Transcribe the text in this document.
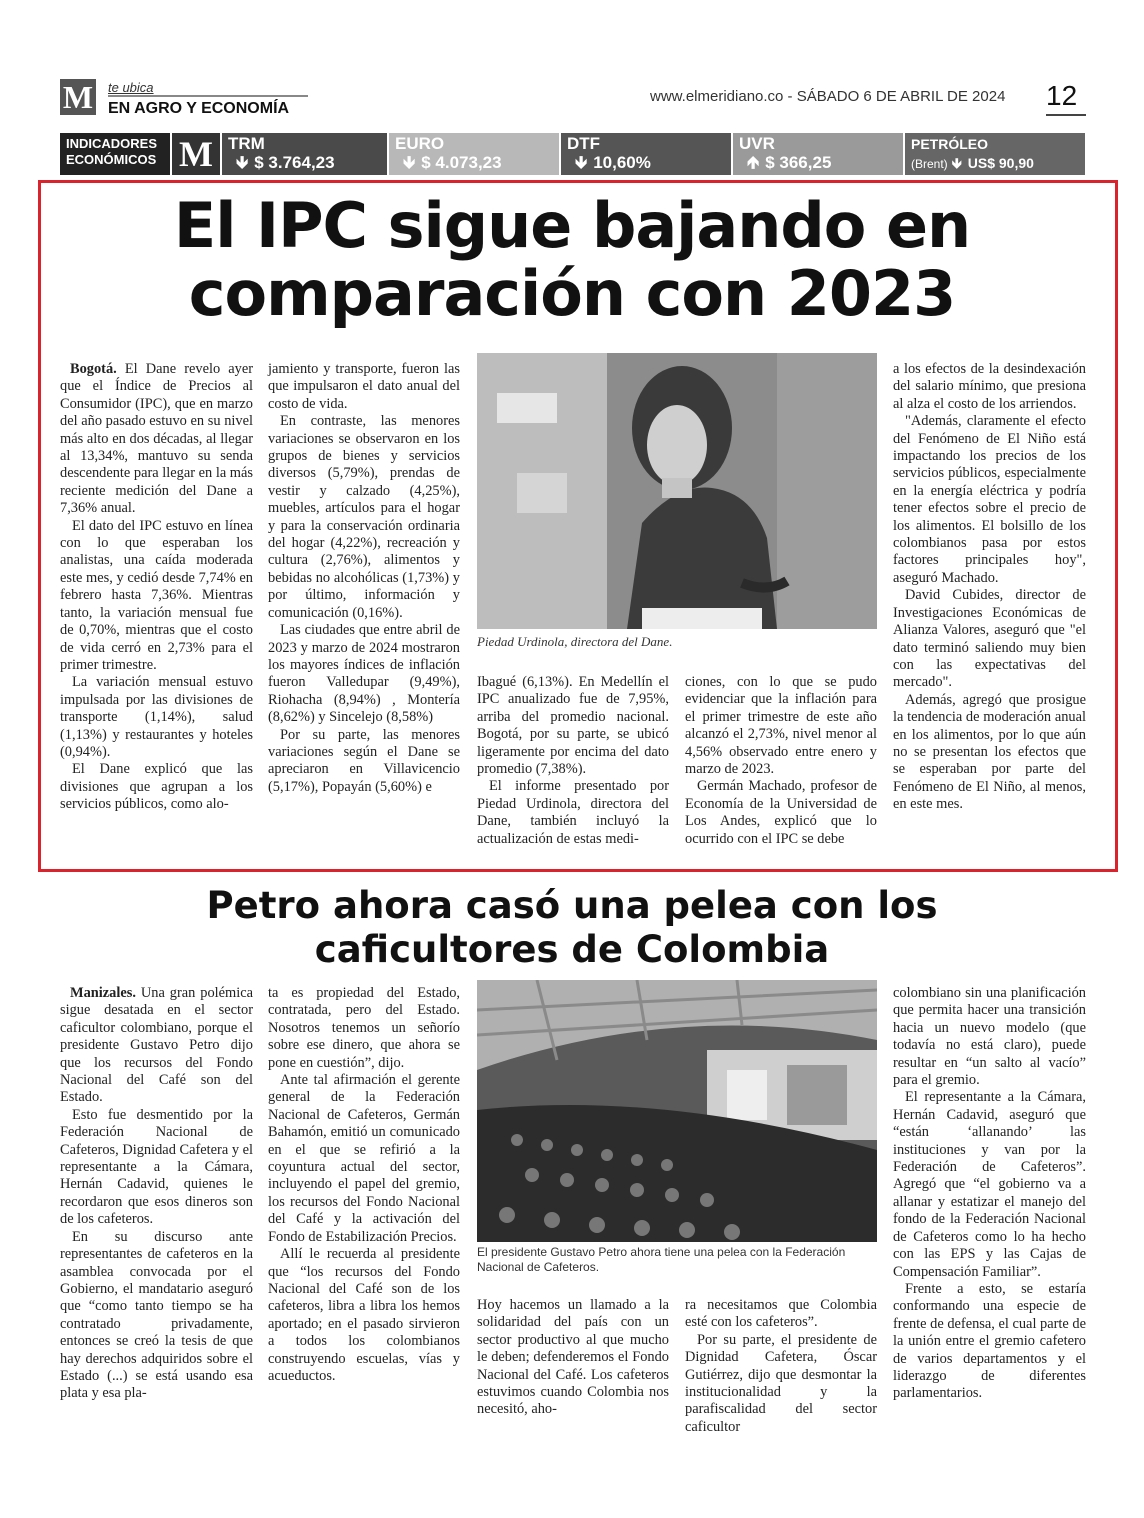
M te ubica
EN AGRO Y ECONOMÍA
www.elmeridiano.co - SÁBADO 6 DE ABRIL DE 2024 12
INDICADORES
ECONÓMICOS M TRM
🡻 $ 3.764,23
EURO
🡻 $ 4.073,23
DTF
🡻 10,60%
UVR
🡹 $ 366,25
PETRÓLEO
(Brent) 🡻 US$ 90,90
El IPC sigue bajando en
comparación con 2023

Bogotá. El Dane revelo ayer que el Índice de Precios al Consumidor (IPC), que en marzo del año pasado estuvo en su nivel más alto en dos décadas, al llegar al 13,34%, mantuvo su senda descendente para llegar en la más reciente medición del Dane a 7,36% anual.

El dato del IPC estuvo en línea con lo que esperaban los analistas, una caída moderada este mes, y cedió desde 7,74% en febrero hasta 7,36%. Mientras tanto, la variación mensual fue de 0,70%, mientras que el costo de vida cerró en 2,73% para el primer trimestre.

La variación mensual estuvo impulsada por las divisiones de transporte (1,14%), salud (1,13%) y restaurantes y hoteles (0,94%).

El Dane explicó que las divisiones que agrupan a los servicios públicos, como alo-

jamiento y transporte, fueron las que impulsaron el dato anual del costo de vida.

En contraste, las menores variaciones se observaron en los grupos de bienes y servicios diversos (5,79%), prendas de vestir y calzado (4,25%), muebles, artículos para el hogar y para la conservación ordinaria del hogar (4,22%), recreación y cultura (2,76%), alimentos y bebidas no alcohólicas (1,73%) y por último, información y comunicación (0,16%).

Las ciudades que entre abril de 2023 y marzo de 2024 mostraron los mayores índices de inflación fueron Valledupar (9,49%), Riohacha (8,94%) , Montería (8,62%) y Sincelejo (8,58%)

Por su parte, las menores variaciones según el Dane se apreciaron en Villavicencio (5,17%), Popayán (5,60%) e

Piedad Urdinola, directora del Dane.

Ibagué (6,13%). En Medellín el IPC anualizado fue de 7,95%, arriba del promedio nacional. Bogotá, por su parte, se ubicó ligeramente por encima del dato promedio (7,38%).

El informe presentado por Piedad Urdinola, directora del Dane, también incluyó la actualización de estas medi-

ciones, con lo que se pudo evidenciar que la inflación para el primer trimestre de este año alcanzó el 2,73%, nivel menor al 4,56% observado entre enero y marzo de 2023.

Germán Machado, profesor de Economía de la Universidad de Los Andes, explicó que lo ocurrido con el IPC se debe

a los efectos de la desindexación del salario mínimo, que presiona al alza el costo de los arriendos.

"Además, claramente el efecto del Fenómeno de El Niño está impactando los precios de los servicios públicos, especialmente en la energía eléctrica y podría tener efectos sobre el precio de los alimentos. El bolsillo de los colombianos pasa por estos factores principales hoy", aseguró Machado.

David Cubides, director de Investigaciones Económicas de Alianza Valores, aseguró que "el dato terminó saliendo muy bien con las expectativas del mercado".

Además, agregó que prosigue la tendencia de moderación anual en los alimentos, por lo que aún no se presentan los efectos que se esperaban por parte del Fenómeno de El Niño, al menos, en este mes.

Petro ahora casó una pelea con los
caficultores de Colombia

Manizales. Una gran polémica sigue desatada en el sector caficultor colombiano, porque el presidente Gustavo Petro dijo que los recursos del Fondo Nacional del Café son del Estado.

Esto fue desmentido por la Federación Nacional de Cafeteros, Dignidad Cafetera y el representante a la Cámara, Hernán Cadavid, quienes le recordaron que esos dineros son de los cafeteros.

En su discurso ante representantes de cafeteros en la asamblea convocada por el Gobierno, el mandatario aseguró que “como tanto tiempo se ha contratado privadamente, entonces se creó la tesis de que hay derechos adquiridos sobre el Estado (...) se está usando esa plata y esa pla-

ta es propiedad del Estado, contratada, pero del Estado. Nosotros tenemos un señorío sobre ese dinero, que ahora se pone en cuestión”, dijo.

Ante tal afirmación el gerente general de la Federación Nacional de Cafeteros, Germán Bahamón, emitió un comunicado en el que se refirió a la coyuntura actual del sector, incluyendo el papel del gremio, los recursos del Fondo Nacional del Café y la activación del Fondo de Estabilización Precios.

Allí le recuerda al presidente que “los recursos del Fondo Nacional del Café son de los cafeteros, libra a libra los hemos aportado; en el pasado sirvieron a todos los colombianos construyendo escuelas, vías y acueductos.

El presidente Gustavo Petro ahora tiene una pelea con la Federación Nacional de Cafeteros.

Hoy hacemos un llamado a la solidaridad del país con un sector productivo al que mucho le deben; defenderemos el Fondo Nacional del Café. Los cafeteros estuvimos cuando Colombia nos necesitó, aho-

ra necesitamos que Colombia esté con los cafeteros”.

Por su parte, el presidente de Dignidad Cafetera, Óscar Gutiérrez, dijo que desmontar la institucionalidad y la parafiscalidad del sector caficultor

colombiano sin una planificación que permita hacer una transición hacia un nuevo modelo (que todavía no está claro), puede resultar en “un salto al vacío” para el gremio.

El representante a la Cámara, Hernán Cadavid, aseguró que “están ‘allanando’ las instituciones y van por la Federación de Cafeteros”. Agregó que “el gobierno va a allanar y estatizar el manejo del fondo de la Federación Nacional de Cafeteros como lo ha hecho con las EPS y las Cajas de Compensación Familiar”.

Frente a esto, se estaría conformando una especie de frente de defensa, el cual parte de la unión entre el gremio cafetero de varios departamentos y el liderazgo de diferentes parlamentarios.
